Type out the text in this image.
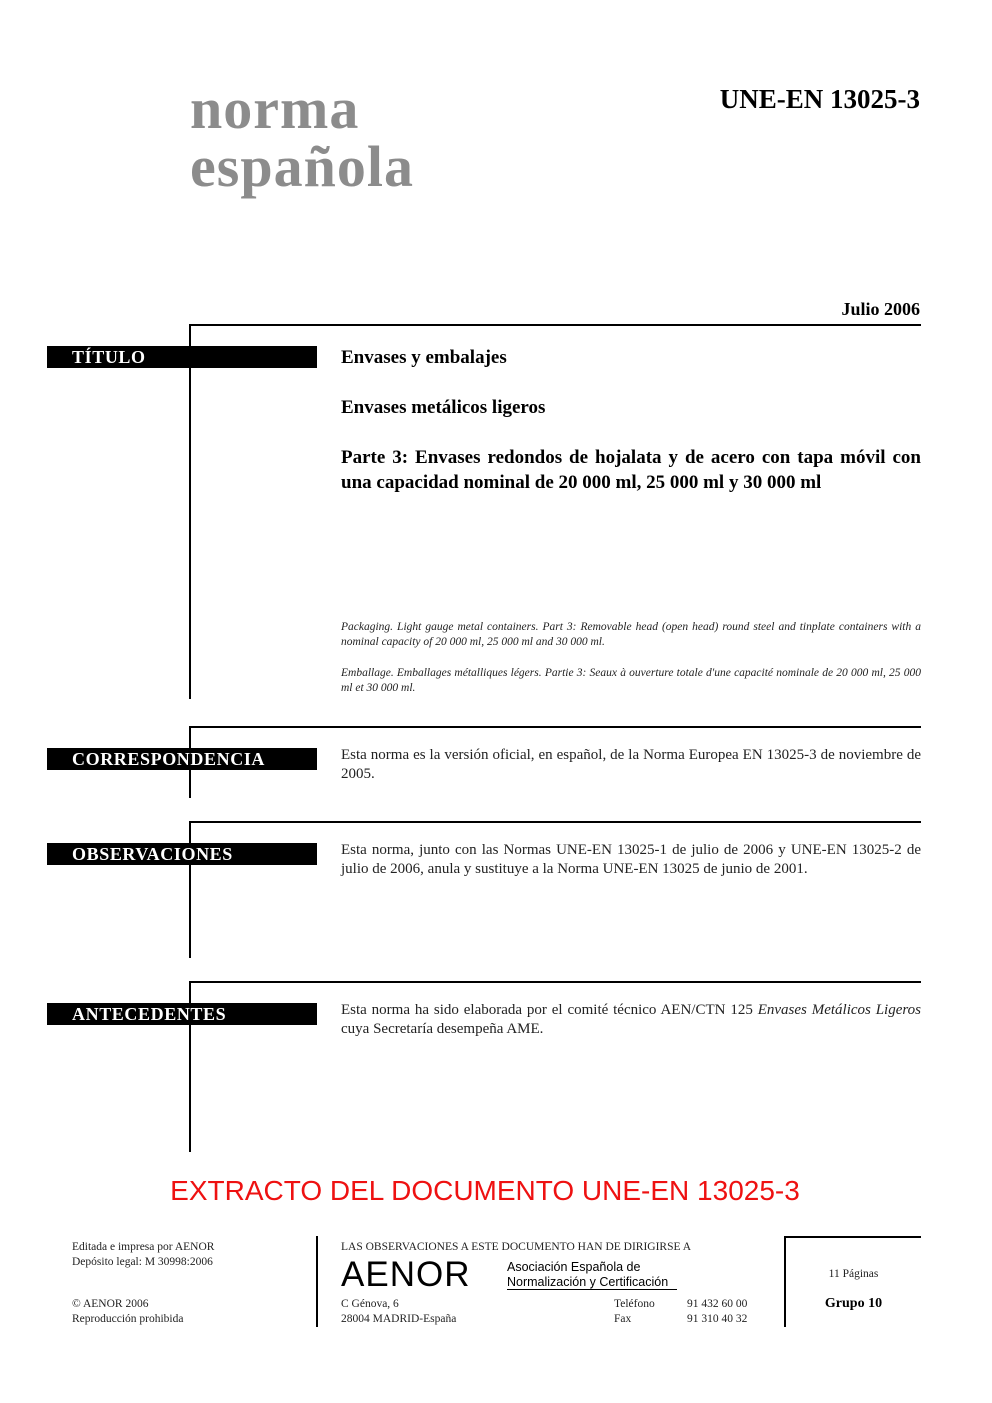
norma
española
UNE-EN 13025-3
Julio 2006
TÍTULO	Envases y embalajes
Envases metálicos ligeros
Parte 3: Envases redondos de hojalata y de acero con tapa móvil con una capacidad nominal de 20 000 ml, 25 000 ml y 30 000 ml
Packaging. Light gauge metal containers. Part 3: Removable head (open head) round steel and tinplate containers with a nominal capacity of 20 000 ml, 25 000 ml and 30 000 ml.
Emballage. Emballages métalliques légers. Partie 3: Seaux à ouverture totale d'une capacité nominale de 20 000 ml, 25 000 ml et 30 000 ml.
CORRESPONDENCIA	Esta norma es la versión oficial, en español, de la Norma Europea EN 13025-3 de noviembre de 2005.
OBSERVACIONES	Esta norma, junto con las Normas UNE-EN 13025-1 de julio de 2006 y UNE-EN 13025-2 de julio de 2006, anula y sustituye a la Norma UNE-EN 13025 de junio de 2001.
ANTECEDENTES	Esta norma ha sido elaborada por el comité técnico AEN/CTN 125 Envases Metálicos Ligeros cuya Secretaría desempeña AME.
EXTRACTO DEL DOCUMENTO UNE-EN 13025-3
Editada e impresa por AENOR
Depósito legal: M 30998:2006
© AENOR 2006
Reproducción prohibida
LAS OBSERVACIONES A ESTE DOCUMENTO HAN DE DIRIGIRSE A
AENOR	Asociación Española de
Normalización y Certificación
C Génova, 6
28004 MADRID-España
Teléfono	91 432 60 00
Fax	91 310 40 32
11 Páginas
Grupo 10
